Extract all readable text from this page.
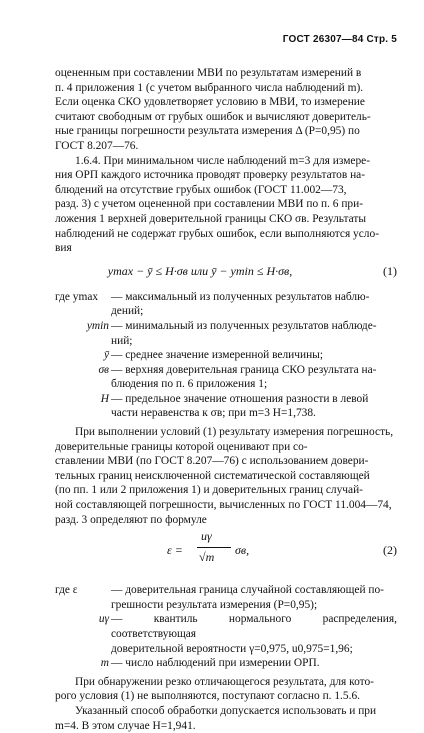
ГОСТ 26307—84 Стр. 5
оцененным при составлении МВИ по результатам измерений в
п. 4 приложения 1 (с учетом выбранного числа наблюдений m).
Если оценка СКО удовлетворяет условию в МВИ, то измерение
считают свободным от грубых ошибок и вычисляют доверитель-
ные границы погрешности результата измерения Δ (P=0,95) по
ГОСТ 8.207—76.
1.6.4. При минимальном числе наблюдений m=3 для измере-
ния ОРП каждого источника проводят проверку результатов на-
блюдений на отсутствие грубых ошибок (ГОСТ 11.002—73,
разд. 3) с учетом оцененной при составлении МВИ по п. 6 при-
ложения 1 верхней доверительной границы СКО σв. Результаты
наблюдений не содержат грубых ошибок, если выполняются усло-
вия
ymax − ȳ ≤ H·σв или ȳ − ymin ≤ H·σв,	(1)
где ymax	— максимальный из полученных результатов наблю-
дений;
ymin — минимальный из полученных результатов наблюде-
ний;
ȳ — среднее значение измеренной величины;
σв — верхняя доверительная граница СКО результата на-
блюдения по п. 6 приложения 1;
H — предельное значение отношения разности в левой
части неравенства к σв; при m=3 H=1,738.
При выполнении условий (1) результату измерения погрешность,
доверительные границы которой оценивают при со-
ставлении МВИ (по ГОСТ 8.207—76) с использованием довери-
тельных границ неисключенной систематической составляющей
(по пп. 1 или 2 приложения 1) и доверительных границ случай-
ной составляющей погрешности, вычисленных по ГОСТ 11.004—74,
разд. 3 определяют по формуле
ε =
uγ
√m σв,	(2)
где ε	— доверительная граница случайной составляющей по-
грешности результата измерения (P=0,95);
uγ — квантиль нормального распределения, соответствующая
доверительной вероятности γ=0,975, u0,975=1,96;
m — число наблюдений при измерении ОРП.
При обнаружении резко отличающегося результата, для кото-
рого условия (1) не выполняются, поступают согласно п. 1.5.6.
Указанный способ обработки допускается использовать и при
m=4. В этом случае H=1,941.
